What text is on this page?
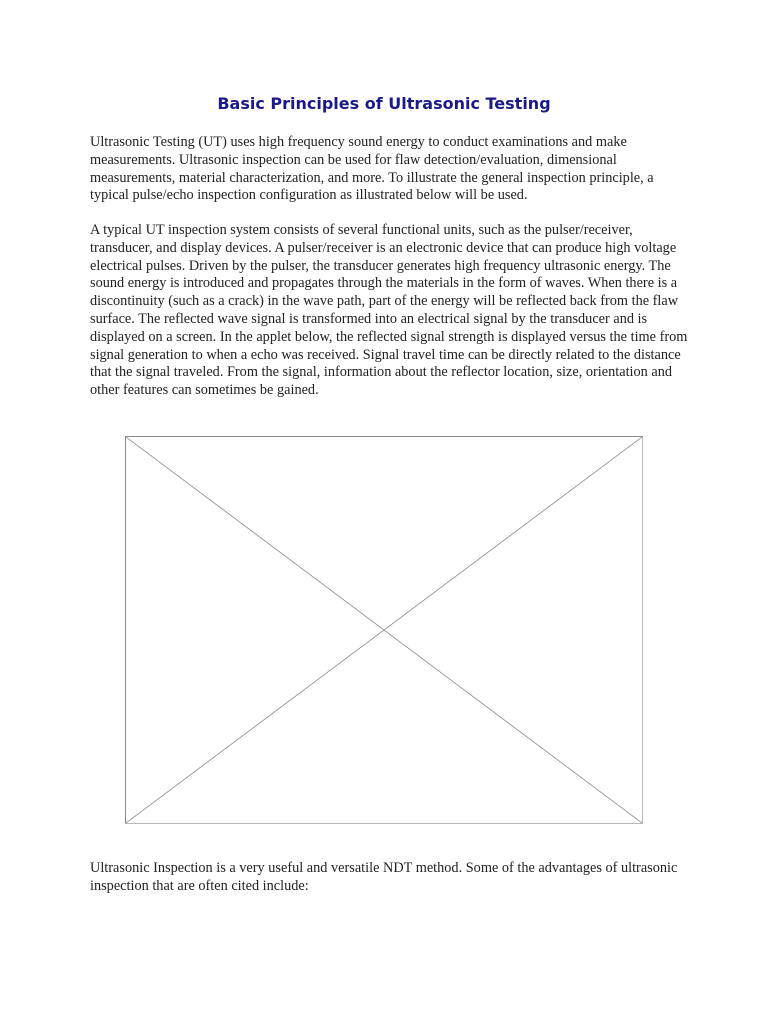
Basic Principles of Ultrasonic Testing

Ultrasonic Testing (UT) uses high frequency sound energy to conduct examinations and make measurements. Ultrasonic inspection can be used for flaw detection/evaluation, dimensional measurements, material characterization, and more. To illustrate the general inspection principle, a typical pulse/echo inspection configuration as illustrated below will be used.

A typical UT inspection system consists of several functional units, such as the pulser/receiver, transducer, and display devices. A pulser/receiver is an electronic device that can produce high voltage electrical pulses. Driven by the pulser, the transducer generates high frequency ultrasonic energy. The sound energy is introduced and propagates through the materials in the form of waves. When there is a discontinuity (such as a crack) in the wave path, part of the energy will be reflected back from the flaw surface. The reflected wave signal is transformed into an electrical signal by the transducer and is displayed on a screen. In the applet below, the reflected signal strength is displayed versus the time from signal generation to when a echo was received. Signal travel time can be directly related to the distance that the signal traveled. From the signal, information about the reflector location, size, orientation and other features can sometimes be gained.

Ultrasonic Inspection is a very useful and versatile NDT method. Some of the advantages of ultrasonic inspection that are often cited include:
